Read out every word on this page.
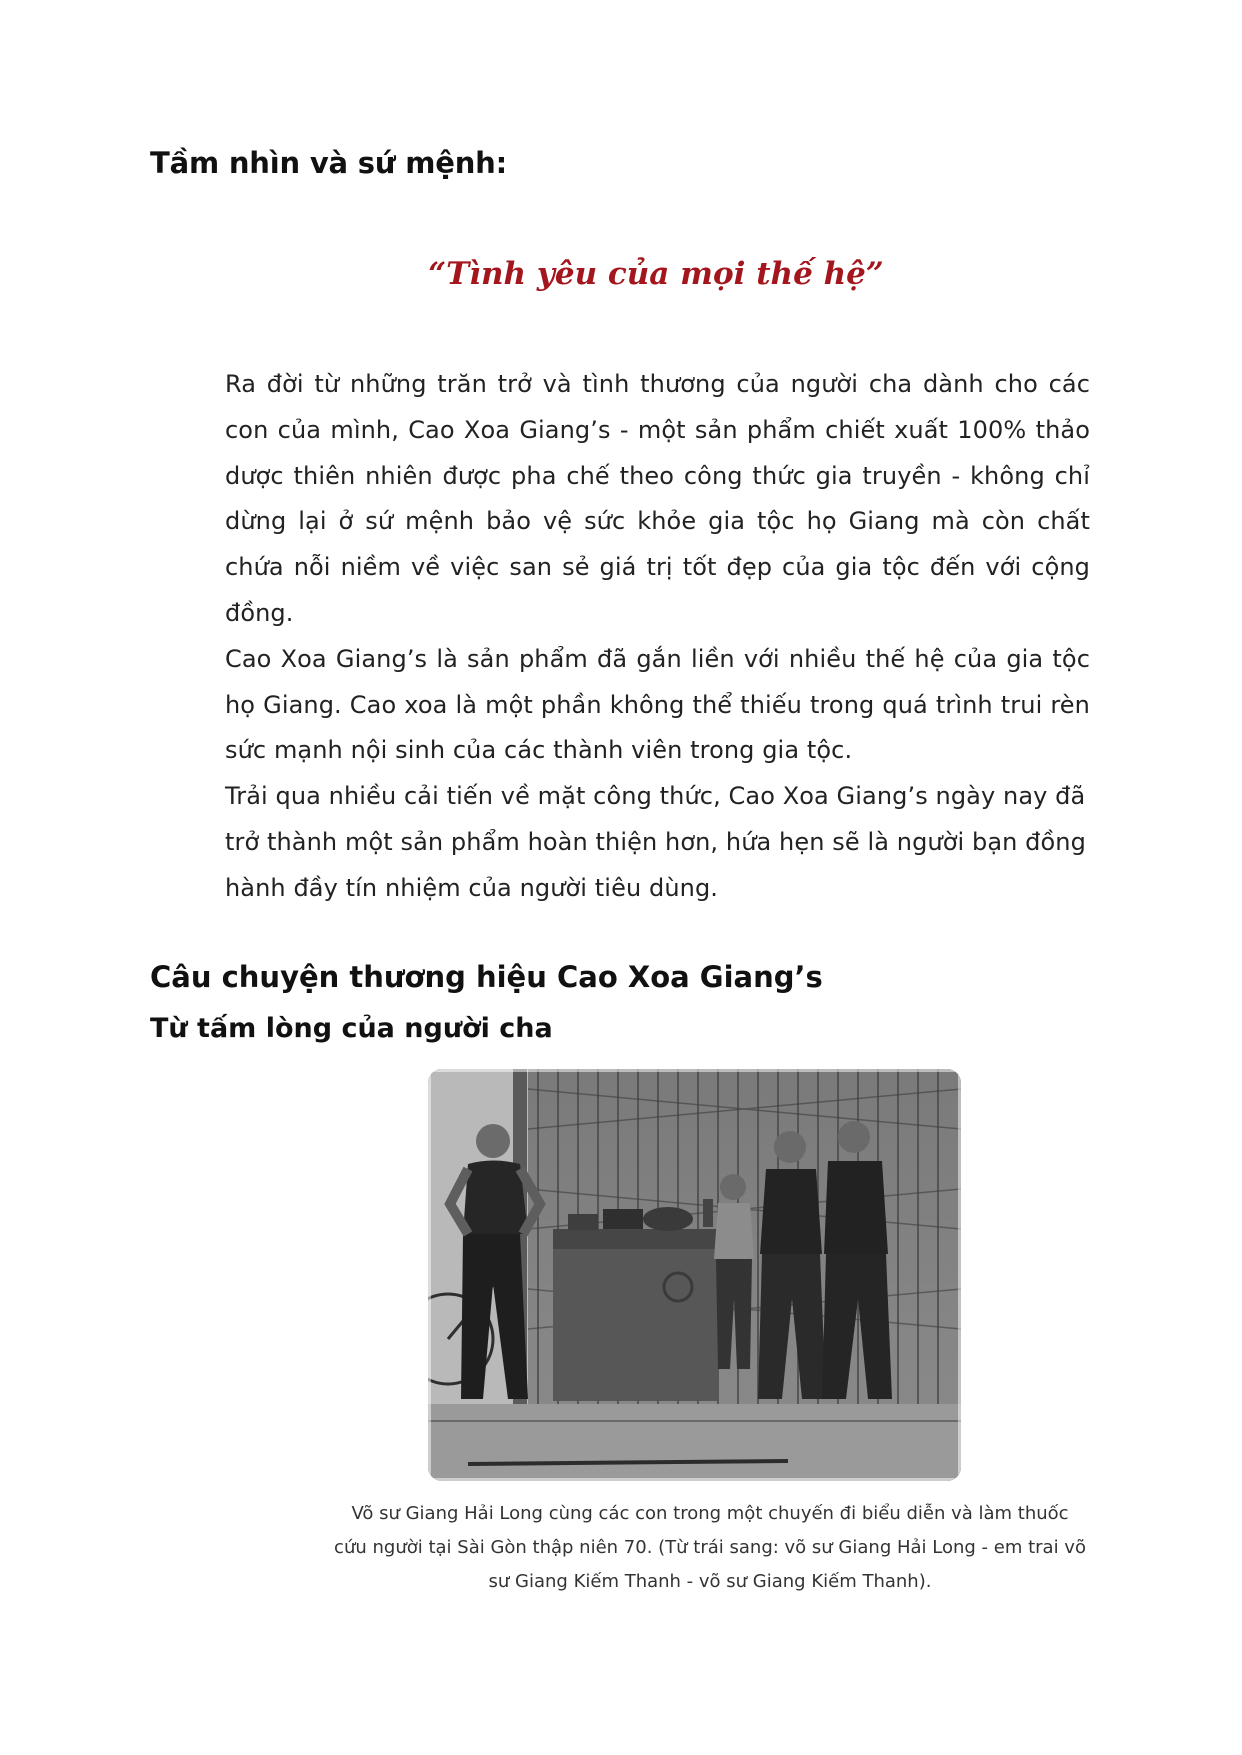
Tầm nhìn và sứ mệnh:
“Tình yêu của mọi thế hệ”

Ra đời từ những trăn trở và tình thương của người cha dành cho các con của mình, Cao Xoa Giang’s - một sản phẩm chiết xuất 100% thảo dược thiên nhiên được pha chế theo công thức gia truyền - không chỉ dừng lại ở sứ mệnh bảo vệ sức khỏe gia tộc họ Giang mà còn chất chứa nỗi niềm về việc san sẻ giá trị tốt đẹp của gia tộc đến với cộng đồng.

Cao Xoa Giang’s là sản phẩm đã gắn liền với nhiều thế hệ của gia tộc họ Giang. Cao xoa là một phần không thể thiếu trong quá trình trui rèn sức mạnh nội sinh của các thành viên trong gia tộc.

Trải qua nhiều cải tiến về mặt công thức, Cao Xoa Giang’s ngày nay đã trở thành một sản phẩm hoàn thiện hơn, hứa hẹn sẽ là người bạn đồng hành đầy tín nhiệm của người tiêu dùng.

Câu chuyện thương hiệu Cao Xoa Giang’s
Từ tấm lòng của người cha
Võ sư Giang Hải Long cùng các con trong một chuyến đi biểu diễn và làm thuốc
cứu người tại Sài Gòn thập niên 70. (Từ trái sang: võ sư Giang Hải Long - em trai võ
sư Giang Kiếm Thanh - võ sư Giang Kiếm Thanh).
